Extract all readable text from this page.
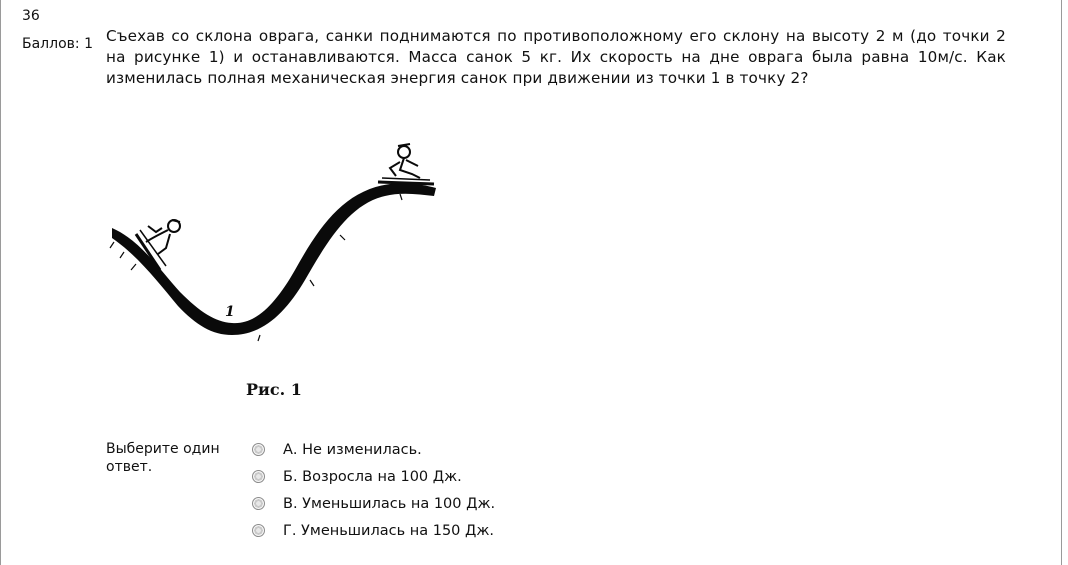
36
Баллов: 1 Съехав со склона оврага, санки поднимаются по противоположному его склону на высоту 2 м (до точки 2 на рисунке 1) и останавливаются. Масса санок 5 кг. Их скорость на дне оврага была равна 10м/с. Как изменилась полная механическая энергия санок при движении из точки 1 в точку 2?
1
Рис. 1
Выберите один ответ.
А. Не изменилась.
Б. Возросла на 100 Дж.
В. Уменьшилась на 100 Дж.
Г. Уменьшилась на 150 Дж.
